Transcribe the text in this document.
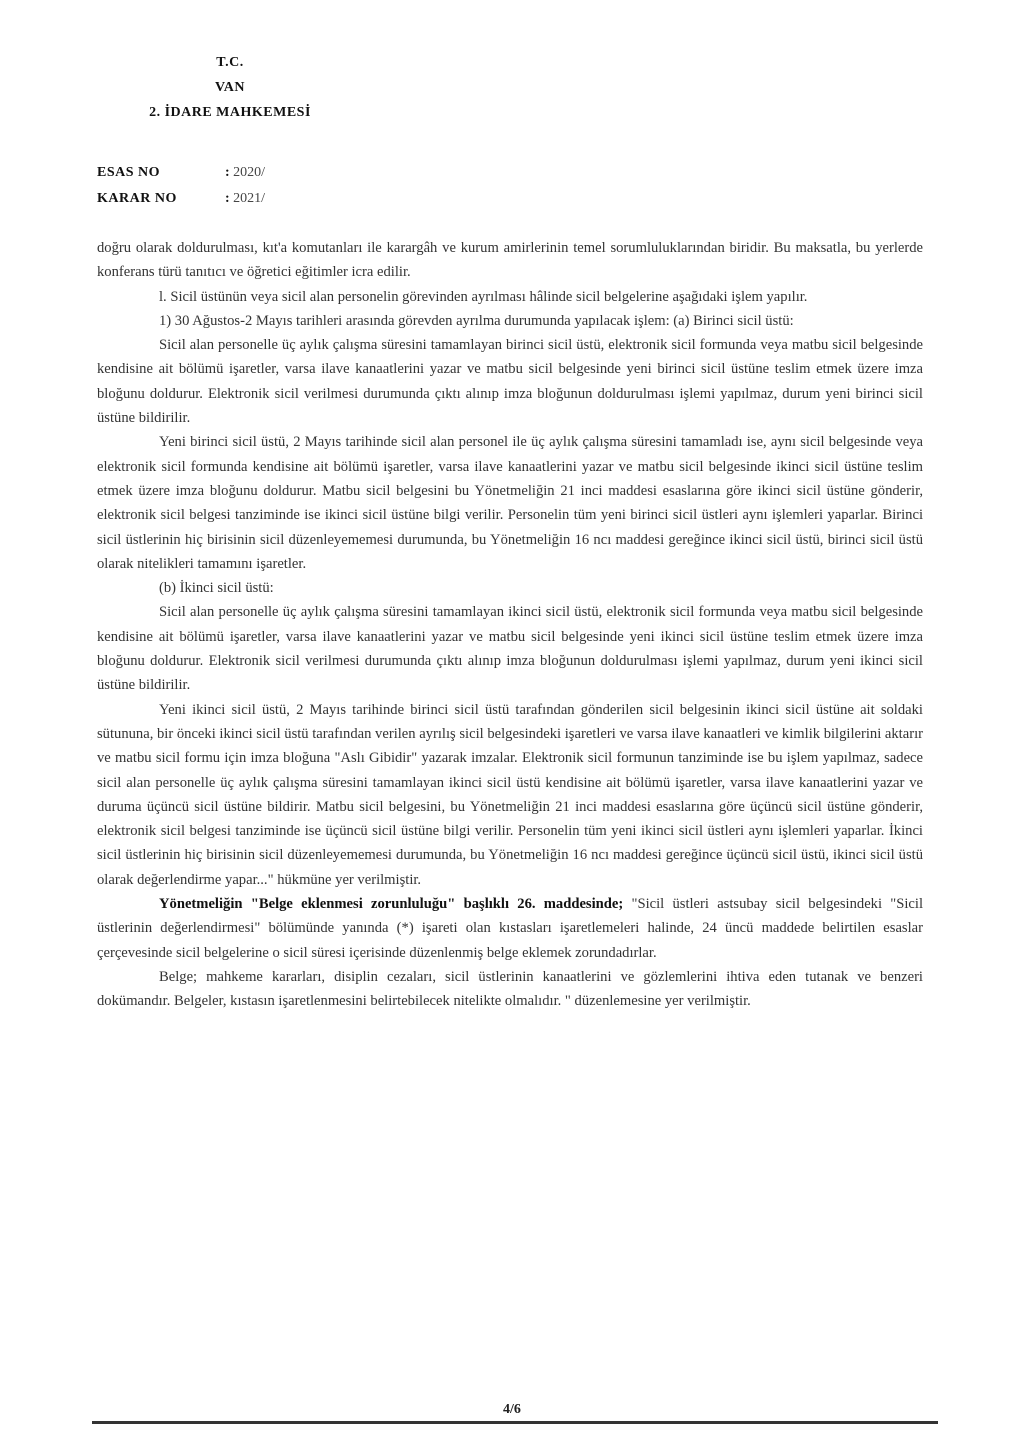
T.C.
VAN
2. İDARE MAHKEMESİ
ESAS NO	: 2020/
KARAR NO	: 2021/

doğru olarak doldurulması, kıt'a komutanları ile karargâh ve kurum amirlerinin temel sorumluluklarından biridir. Bu maksatla, bu yerlerde konferans türü tanıtıcı ve öğretici eğitimler icra edilir.

l. Sicil üstünün veya sicil alan personelin görevinden ayrılması hâlinde sicil belgelerine aşağıdaki işlem yapılır.

1) 30 Ağustos-2 Mayıs tarihleri arasında görevden ayrılma durumunda yapılacak işlem: (a) Birinci sicil üstü:

Sicil alan personelle üç aylık çalışma süresini tamamlayan birinci sicil üstü, elektronik sicil formunda veya matbu sicil belgesinde kendisine ait bölümü işaretler, varsa ilave kanaatlerini yazar ve matbu sicil belgesinde yeni birinci sicil üstüne teslim etmek üzere imza bloğunu doldurur. Elektronik sicil verilmesi durumunda çıktı alınıp imza bloğunun doldurulması işlemi yapılmaz, durum yeni birinci sicil üstüne bildirilir.

Yeni birinci sicil üstü, 2 Mayıs tarihinde sicil alan personel ile üç aylık çalışma süresini tamamladı ise, aynı sicil belgesinde veya elektronik sicil formunda kendisine ait bölümü işaretler, varsa ilave kanaatlerini yazar ve matbu sicil belgesinde ikinci sicil üstüne teslim etmek üzere imza bloğunu doldurur. Matbu sicil belgesini bu Yönetmeliğin 21 inci maddesi esaslarına göre ikinci sicil üstüne gönderir, elektronik sicil belgesi tanziminde ise ikinci sicil üstüne bilgi verilir. Personelin tüm yeni birinci sicil üstleri aynı işlemleri yaparlar. Birinci sicil üstlerinin hiç birisinin sicil düzenleyememesi durumunda, bu Yönetmeliğin 16 ncı maddesi gereğince ikinci sicil üstü, birinci sicil üstü olarak nitelikleri tamamını işaretler.

(b) İkinci sicil üstü:

Sicil alan personelle üç aylık çalışma süresini tamamlayan ikinci sicil üstü, elektronik sicil formunda veya matbu sicil belgesinde kendisine ait bölümü işaretler, varsa ilave kanaatlerini yazar ve matbu sicil belgesinde yeni ikinci sicil üstüne teslim etmek üzere imza bloğunu doldurur. Elektronik sicil verilmesi durumunda çıktı alınıp imza bloğunun doldurulması işlemi yapılmaz, durum yeni ikinci sicil üstüne bildirilir.

Yeni ikinci sicil üstü, 2 Mayıs tarihinde birinci sicil üstü tarafından gönderilen sicil belgesinin ikinci sicil üstüne ait soldaki sütununa, bir önceki ikinci sicil üstü tarafından verilen ayrılış sicil belgesindeki işaretleri ve varsa ilave kanaatleri ve kimlik bilgilerini aktarır ve matbu sicil formu için imza bloğuna "Aslı Gibidir" yazarak imzalar. Elektronik sicil formunun tanziminde ise bu işlem yapılmaz, sadece sicil alan personelle üç aylık çalışma süresini tamamlayan ikinci sicil üstü kendisine ait bölümü işaretler, varsa ilave kanaatlerini yazar ve duruma üçüncü sicil üstüne bildirir. Matbu sicil belgesini, bu Yönetmeliğin 21 inci maddesi esaslarına göre üçüncü sicil üstüne gönderir, elektronik sicil belgesi tanziminde ise üçüncü sicil üstüne bilgi verilir. Personelin tüm yeni ikinci sicil üstleri aynı işlemleri yaparlar. İkinci sicil üstlerinin hiç birisinin sicil düzenleyememesi durumunda, bu Yönetmeliğin 16 ncı maddesi gereğince üçüncü sicil üstü, ikinci sicil üstü olarak değerlendirme yapar..." hükmüne yer verilmiştir.

Yönetmeliğin "Belge eklenmesi zorunluluğu" başlıklı 26. maddesinde; "Sicil üstleri astsubay sicil belgesindeki "Sicil üstlerinin değerlendirmesi" bölümünde yanında (*) işareti olan kıstasları işaretlemeleri halinde, 24 üncü maddede belirtilen esaslar çerçevesinde sicil belgelerine o sicil süresi içerisinde düzenlenmiş belge eklemek zorundadırlar.

Belge; mahkeme kararları, disiplin cezaları, sicil üstlerinin kanaatlerini ve gözlemlerini ihtiva eden tutanak ve benzeri dokümandır. Belgeler, kıstasın işaretlenmesini belirtebilecek nitelikte olmalıdır. " düzenlemesine yer verilmiştir.

4/6
